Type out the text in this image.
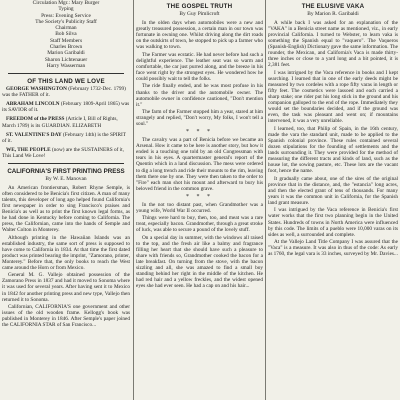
Circulation Mgr.: Mary Burger
Typing
Press: Evening Service
The Society's Publicity Staff
Chairman
Bob Silva
Staff Members
Charles Brown
Marion Garibaldi
Sharon Lichtenauer
Harry Wasserman
OF THIS LAND WE LOVE
GEORGE WASHINGTON (February 1732-Dec. 1799) was the FATHER of it.
ABRAHAM LINCOLN (February 1809-April 1865) was its SAVIOR of it.
FREEDOM of the PRESS (Article I, Bill of Rights, March 1789) is its GUARDIAN. ELIZABETH
ST. VALENTINE'S DAY (February 14th) is the SPIRIT of it.
WE, THE PEOPLE (now) are the SUSTAINERS of it, This Land We Love!
CALIFORNIA'S FIRST PRINTING PRESS
By W. E. Manovan

An American frontiersman, Robert Rhyne Semple, is often considered to be Benicia's first citizen. A man of many talents, this developer of long ago helped found California's first newspaper in order to sing Francisco's praises and Benicia's as well as to print the first known legal forms, as he had done in Kentucky before coming to California. The press, the Californian, came into the hands of Semple and Walter Colton in Monterey.

Although printing in the Hawaiian Islands was an established industry, the same sort of press is supposed to have come to California in 1834. At that time the first dated product was printed bearing the imprint, "Zamorano, printer, Monterey." Before that, the only books to reach the West came around the Horn or from Mexico.

General M. G. Vallejo obtained possession of the Zamorano Press in 1837 and had it moved to Sonoma where it was used for several years. After having sent it to Mexico in 1842 for another printing press and new type, Vallejo then returned it to Sonoma.

Californian, CALIFORNIA'S one government and other issues of the old wooden frame. Kellogg's book was published in Monterey in 1846. After Semple's paper joined the CALIFORNIA STAR of San Francisco...

THE GOSPEL TRUTH
By Guy Pimlicroft

In the olden days when automobiles were a new and greatly treasured possession, a certain man in our town was fortunate in owning one. Whilst driving along the dirt roads on the outskirts of town, he stopped to pick up a farmer who was walking to town.

The Farmer was ecstatic. He had never before had such a delightful experience. The leather seat was so warm and comfortable, the car just purred along, and the breeze in his face went right by the strongest eyes. He wondered how he could possibly wait to tell the folks.

The ride finally ended, and he was most profuse in his thanks to the driver and the automobile owner. The automobile owner in confidence cautioned, "Don't mention it."

The farm of the Farmer stopped him a year, stared at him strangely and replied, "Don't worry, My folks, I won't tell a soul."

* * *

The cavalry was a part of Benicia before we became an Arsenal. How it came to be here is another story, but how it ended is a touching one told by an old Congressman with tears in his eyes. A quartermaster general's report of the Quentin which in a land discussion. The mess were ordered to dig a long trench and ride their mounts to the rim, leaving them there one by one. They were then taken to the order to "Fire" each man shot his mount and afterward to bury his beloved friend in the common grave.

* * *

In the not too distant past, when Grandmother was a young wife, World War II occurred.

Things were hard to buy, then, too, and meat was a rare treat, especially bacon. Grandmother, through a great stroke of luck, was able to secure a pound of the lovely stuff.

On a special day in summer, with the windows all raised to the top, and the fresh air like a balmy and fragrance filling her heart that she should have such a pleasure to share with friends so, Grandmother cooked the bacon for a late breakfast. On turning from the stove, with the bacon sizzling and all, she was amazed to find a small boy standing behind her right in the middle of the kitchen. He had red hair and a yellow freckles, and the widest opened eyes she had ever seen. He had a cap on and his hair...

THE ELUSIVE VAKA
By Marion R. Garibaldi

A while back I was asked for an explanation of the "VAKA" in a Benicia street name as mentioned, viz., in early provincial California. I turned to Webster, to learn vaka is something the Spanish equal to "vaquero". The Vaqueros (Spanish-English) Dictionary gave the same information. The rounder, the Mexican, and California's Vaca is made thirty-three inches or close to a yard long and a bit pointed, it is 2,381 feet.

I was intrigued by the Vaca reference in books and I kept searching. I learned that in one of the early deeds might be measured by two cordeles with a rope fifty varas in length or fifty feet. The cosmetics were lassoed and each carried a sharp stake; one rider put his long stick in the ground and his companion galloped to the end of the rope. Immediately they would set the boundaries decided, and if the ground was even, the task was pleasant and went on; if mountains intervened, it was a very unreliable.

I learned, too, that Philip of Spain, in the 16th century, made the vara the standard unit, made to be applied to the Spanish colonial province. These rules contained several dozen stipulations for the founding of settlements and the lands surrounding it. They were provided for the method of measuring the different tracts and kinds of land, such as the house lot, the sowing pasture, etc. These lots are the vacant foot, hence the name.

It gradually came about, one of the sires of the original province that in the distance, and, the "estancia" long acres, and then the elected grant of tens of thousands. For many years it was the common unit in California, for the Spanish land grant measure.

I was intrigued by the Vaca reference in Benicia's first water works that the first two planning begin in the United States. Hundreds of towns in North America were influenced by this code. The limits of a pueblo were 10,000 varas on its sides as well, a surrounded and complete.

At the Vallejo Land Title Company I was assured that the "Vaca" is a measure. It was also in thus of the code: As early as 1760, the legal vara is 33 inches, surveyed by Mr. Davies...
